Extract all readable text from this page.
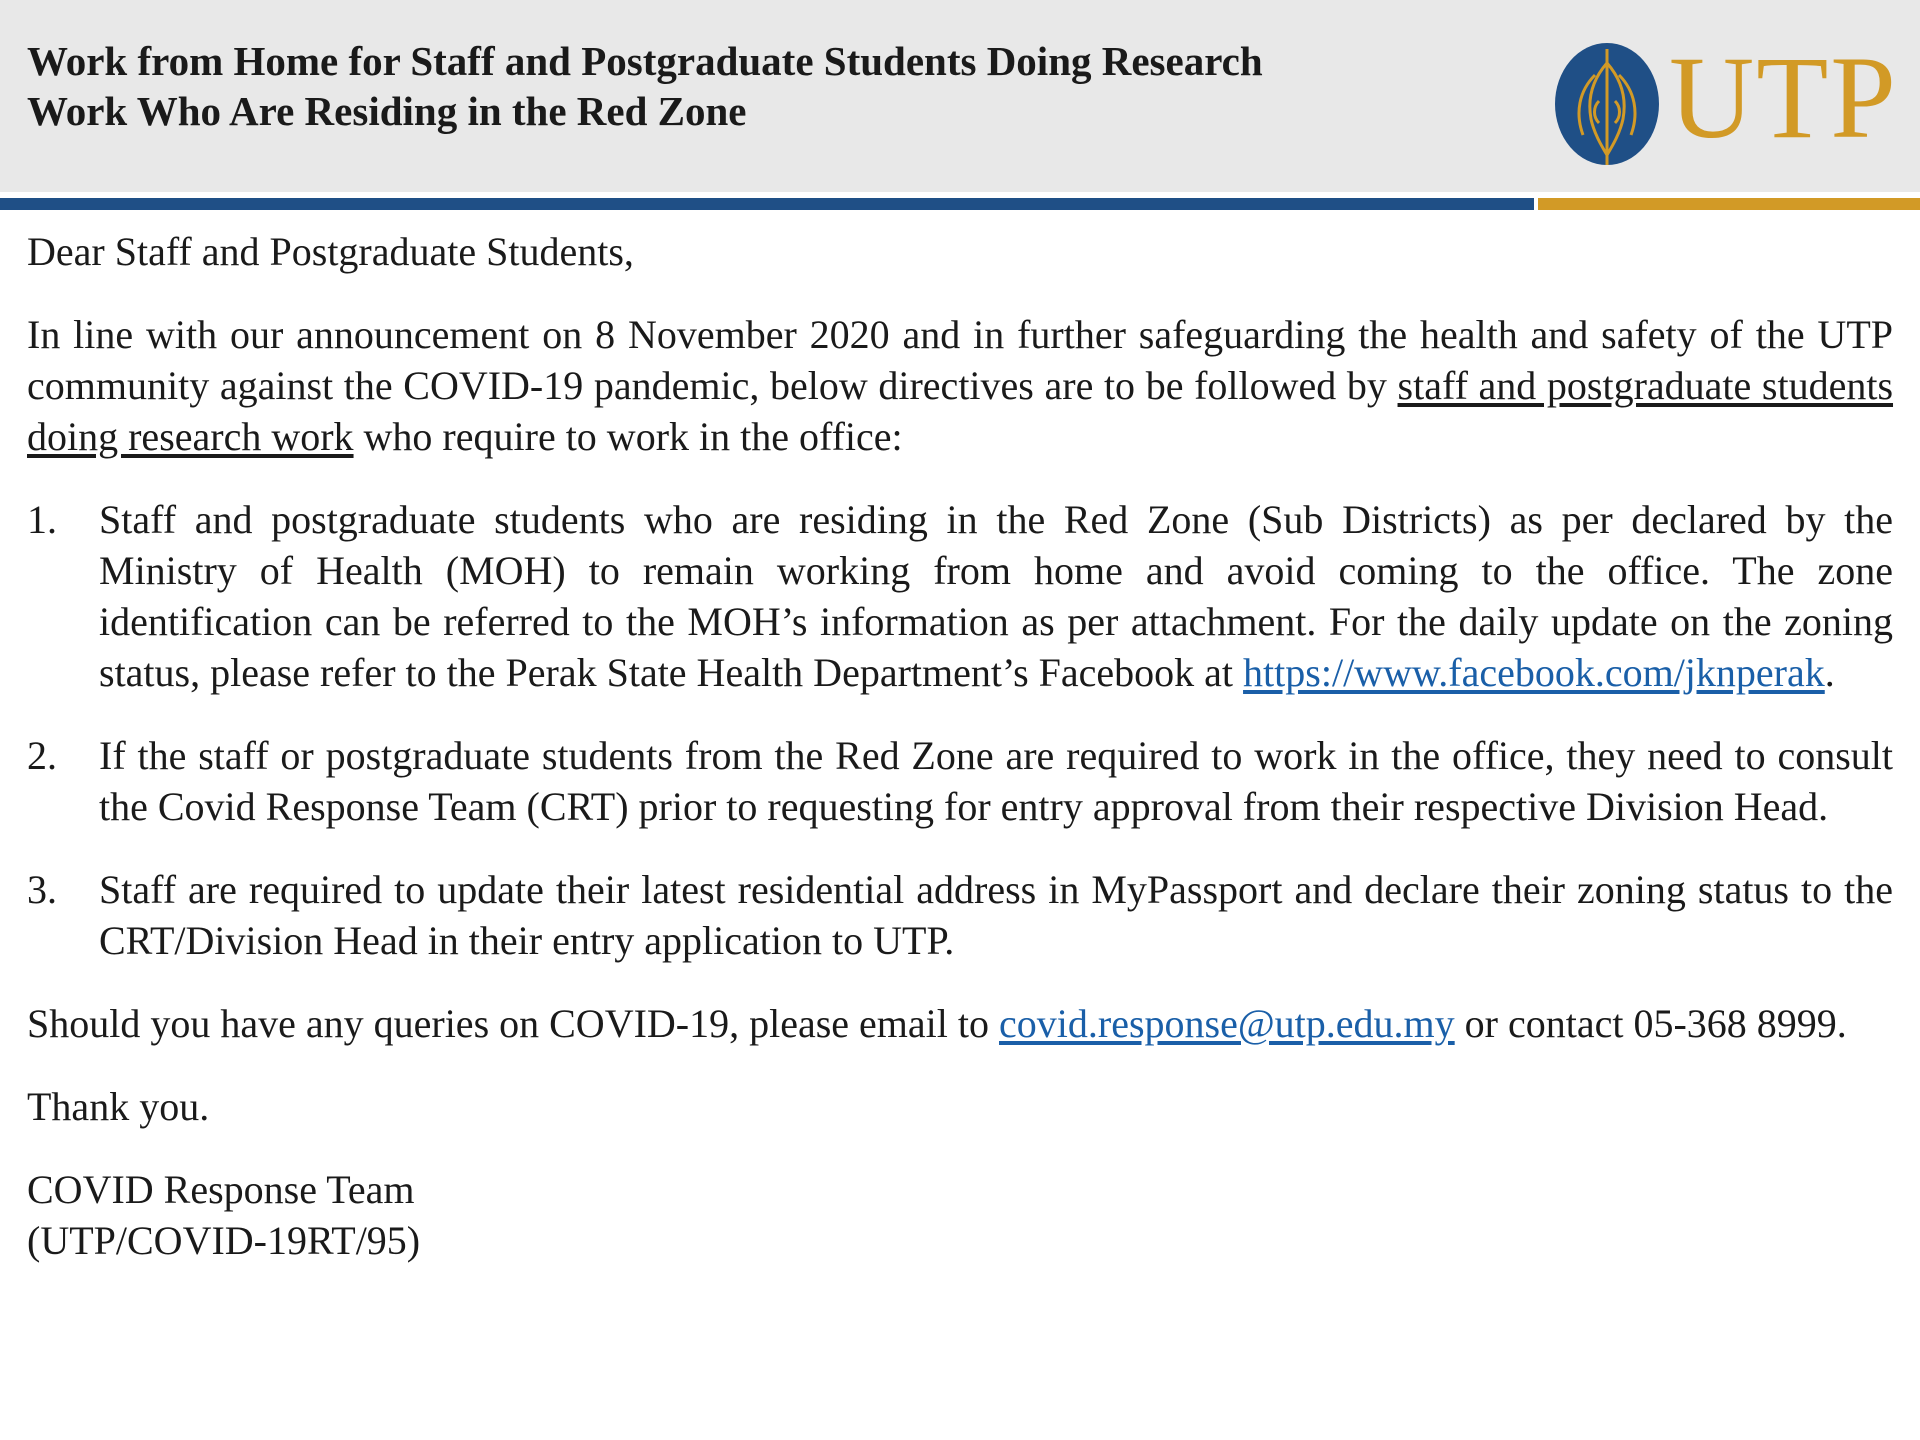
Work from Home for Staff and Postgraduate Students Doing Research
Work Who Are Residing in the Red Zone	UTP
Dear Staff and Postgraduate Students,
In line with our announcement on 8 November 2020 and in further safeguarding the health and safety of the UTP community against the COVID-19 pandemic, below directives are to be followed by staff and postgraduate students doing research work who require to work in the office:
1. Staff and postgraduate students who are residing in the Red Zone (Sub Districts) as per declared by the Ministry of Health (MOH) to remain working from home and avoid coming to the office. The zone identification can be referred to the MOH’s information as per attachment. For the daily update on the zoning status, please refer to the Perak State Health Department’s Facebook at https://www.facebook.com/jknperak.
2. If the staff or postgraduate students from the Red Zone are required to work in the office, they need to consult the Covid Response Team (CRT) prior to requesting for entry approval from their respective Division Head.
3. Staff are required to update their latest residential address in MyPassport and declare their zoning status to the CRT/Division Head in their entry application to UTP.
Should you have any queries on COVID-19, please email to covid.response@utp.edu.my or contact 05-368 8999.
Thank you.
COVID Response Team
(UTP/COVID-19RT/95)
